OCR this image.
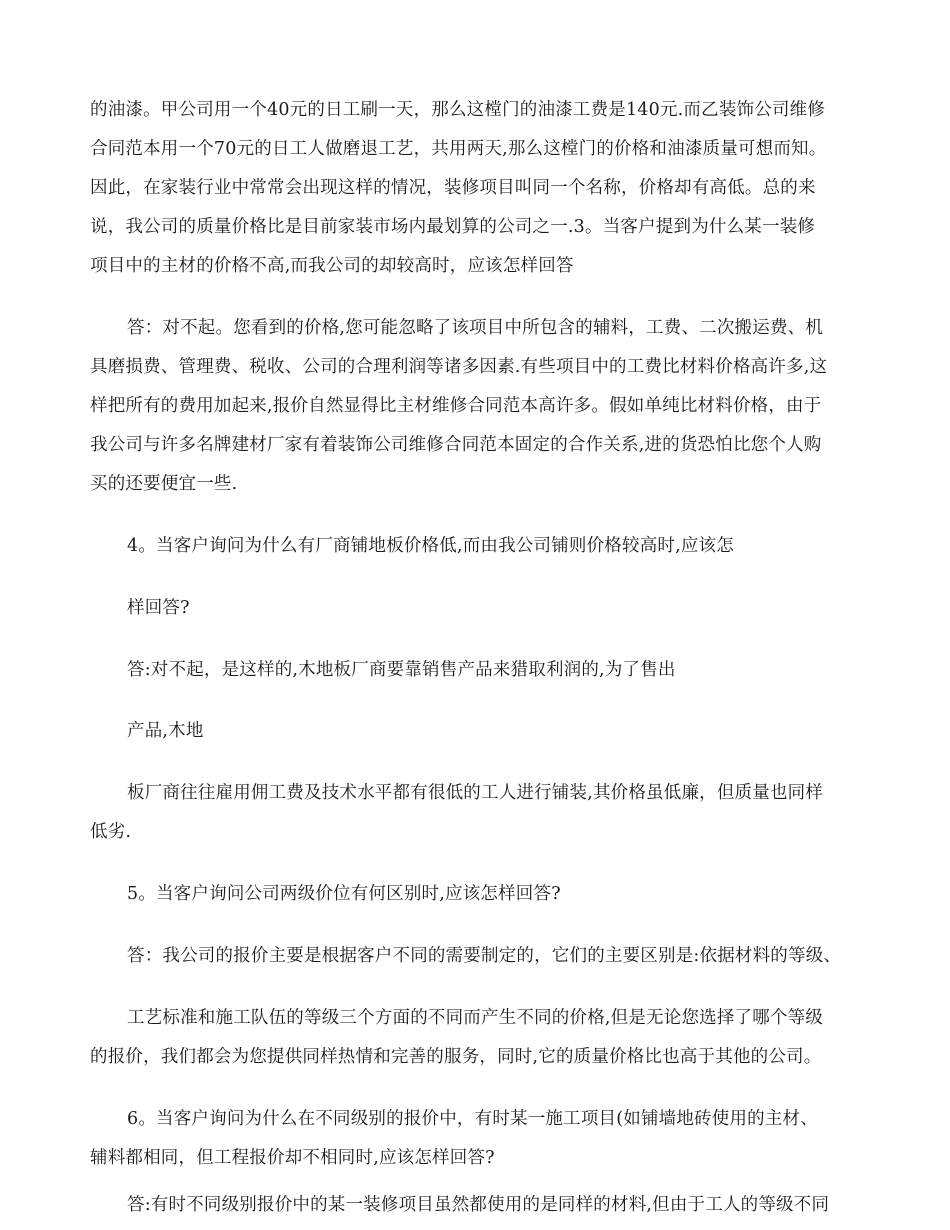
的油漆。甲公司用一个40元的日工刷一天，那么这樘门的油漆工费是140元.而乙装饰公司维修
合同范本用一个70元的日工人做磨退工艺，共用两天,那么这樘门的价格和油漆质量可想而知。
因此，在家装行业中常常会出现这样的情况，装修项目叫同一个名称，价格却有高低。总的来
说，我公司的质量价格比是目前家装市场内最划算的公司之一.3。当客户提到为什么某一装修
项目中的主材的价格不高,而我公司的却较高时，应该怎样回答
答：对不起。您看到的价格,您可能忽略了该项目中所包含的辅料，工费、二次搬运费、机
具磨损费、管理费、税收、公司的合理利润等诸多因素.有些项目中的工费比材料价格高许多,这
样把所有的费用加起来,报价自然显得比主材维修合同范本高许多。假如单纯比材料价格，由于
我公司与许多名牌建材厂家有着装饰公司维修合同范本固定的合作关系,进的货恐怕比您个人购
买的还要便宜一些.
4。当客户询问为什么有厂商铺地板价格低,而由我公司铺则价格较高时,应该怎
样回答?
答:对不起，是这样的,木地板厂商要靠销售产品来猎取利润的,为了售出
产品,木地
板厂商往往雇用佣工费及技术水平都有很低的工人进行铺装,其价格虽低廉，但质量也同样
低劣.
5。当客户询问公司两级价位有何区别时,应该怎样回答?
答：我公司的报价主要是根据客户不同的需要制定的，它们的主要区别是:依据材料的等级、
工艺标准和施工队伍的等级三个方面的不同而产生不同的价格,但是无论您选择了哪个等级
的报价，我们都会为您提供同样热情和完善的服务，同时,它的质量价格比也高于其他的公司。
6。当客户询问为什么在不同级别的报价中，有时某一施工项目(如铺墙地砖使用的主材、
辅料都相同，但工程报价却不相同时,应该怎样回答?
答:有时不同级别报价中的某一装修项目虽然都使用的是同样的材料,但由于工人的等级不同
